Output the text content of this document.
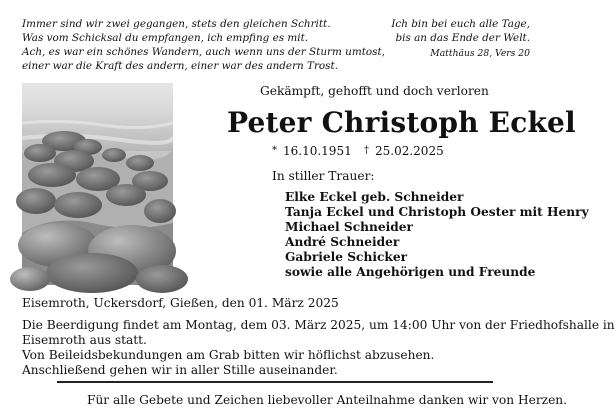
Immer sind wir zwei gegangen, stets den gleichen Schritt.
Was vom Schicksal du empfangen, ich empfing es mit.
Ach, es war ein schönes Wandern, auch wenn uns der Sturm umtost,
einer war die Kraft des andern, einer war des andern Trost.
Ich bin bei euch alle Tage,
bis an das Ende der Welt.
Matthäus 28, Vers 20
Gekämpft, gehofft und doch verloren
Peter Christoph Eckel
* 16.10.1951 † 25.02.2025
In stiller Trauer:
Elke Eckel geb. Schneider
Tanja Eckel und Christoph Oester mit Henry
Michael Schneider
André Schneider
Gabriele Schicker
sowie alle Angehörigen und Freunde
Eisemroth, Uckersdorf, Gießen, den 01. März 2025
Die Beerdigung findet am Montag, dem 03. März 2025, um 14:00 Uhr von der Friedhofshalle in
Eisemroth aus statt.
Von Beileidsbekundungen am Grab bitten wir höflichst abzusehen.
Anschließend gehen wir in aller Stille auseinander.
Für alle Gebete und Zeichen liebevoller Anteilnahme danken wir von Herzen.
